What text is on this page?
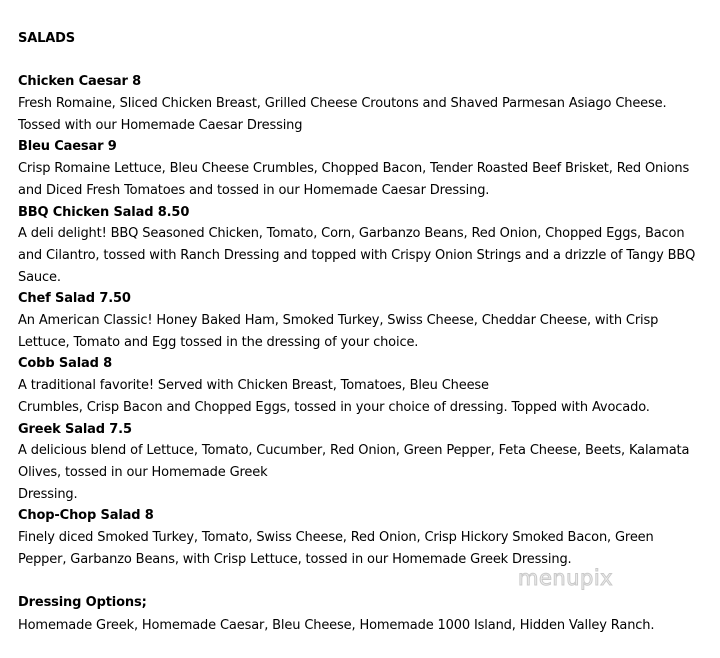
SALADS
Chicken Caesar 8
Fresh Romaine, Sliced Chicken Breast, Grilled Cheese Croutons and Shaved Parmesan Asiago Cheese.
Tossed with our Homemade Caesar Dressing
Bleu Caesar 9
Crisp Romaine Lettuce, Bleu Cheese Crumbles, Chopped Bacon, Tender Roasted Beef Brisket, Red Onions
and Diced Fresh Tomatoes and tossed in our Homemade Caesar Dressing.
BBQ Chicken Salad 8.50
A deli delight! BBQ Seasoned Chicken, Tomato, Corn, Garbanzo Beans, Red Onion, Chopped Eggs, Bacon
and Cilantro, tossed with Ranch Dressing and topped with Crispy Onion Strings and a drizzle of Tangy BBQ
Sauce.
Chef Salad 7.50
An American Classic! Honey Baked Ham, Smoked Turkey, Swiss Cheese, Cheddar Cheese, with Crisp
Lettuce, Tomato and Egg tossed in the dressing of your choice.
Cobb Salad 8
A traditional favorite! Served with Chicken Breast, Tomatoes, Bleu Cheese
Crumbles, Crisp Bacon and Chopped Eggs, tossed in your choice of dressing. Topped with Avocado.
Greek Salad 7.5
A delicious blend of Lettuce, Tomato, Cucumber, Red Onion, Green Pepper, Feta Cheese, Beets, Kalamata
Olives, tossed in our Homemade Greek
Dressing.
Chop-Chop Salad 8
Finely diced Smoked Turkey, Tomato, Swiss Cheese, Red Onion, Crisp Hickory Smoked Bacon, Green
Pepper, Garbanzo Beans, with Crisp Lettuce, tossed in our Homemade Greek Dressing.
Dressing Options;
Homemade Greek, Homemade Caesar, Bleu Cheese, Homemade 1000 Island, Hidden Valley Ranch.
menupix
